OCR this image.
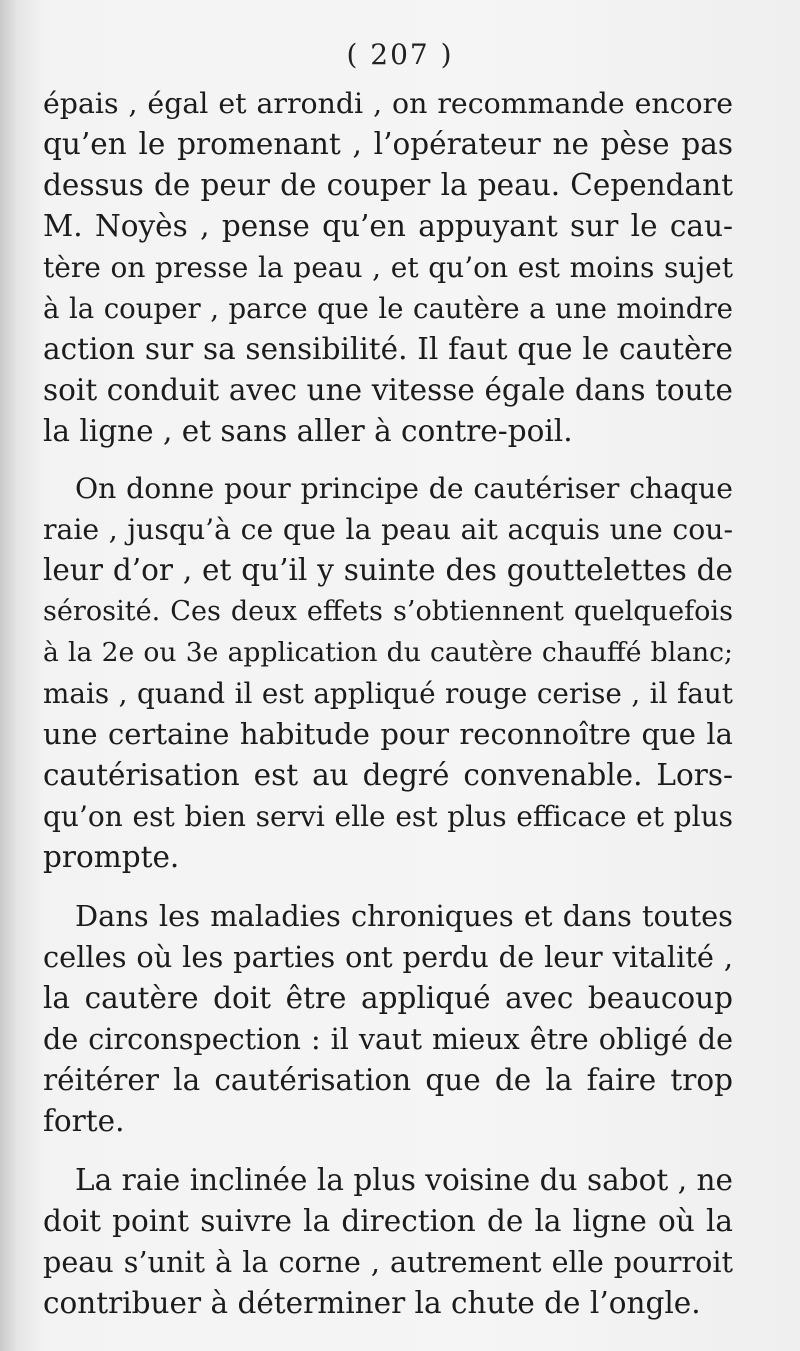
( 207 )
épais , égal et arrondi , on recommande encore
qu’en le promenant , l’opérateur ne pèse pas
dessus de peur de couper la peau. Cependant
M. Noyès , pense qu’en appuyant sur le cau-
tère on presse la peau , et qu’on est moins sujet
à la couper , parce que le cautère a une moindre
action sur sa sensibilité. Il faut que le cautère
soit conduit avec une vitesse égale dans toute
la ligne , et sans aller à contre-poil.
On donne pour principe de cautériser chaque
raie , jusqu’à ce que la peau ait acquis une cou-
leur d’or , et qu’il y suinte des gouttelettes de
sérosité. Ces deux effets s’obtiennent quelquefois
à la 2e ou 3e application du cautère chauffé blanc;
mais , quand il est appliqué rouge cerise , il faut
une certaine habitude pour reconnoître que la
cautérisation est au degré convenable. Lors-
qu’on est bien servi elle est plus efficace et plus
prompte.
Dans les maladies chroniques et dans toutes
celles où les parties ont perdu de leur vitalité ,
la cautère doit être appliqué avec beaucoup
de circonspection : il vaut mieux être obligé de
réitérer la cautérisation que de la faire trop
forte.
La raie inclinée la plus voisine du sabot , ne
doit point suivre la direction de la ligne où la
peau s’unit à la corne , autrement elle pourroit
contribuer à déterminer la chute de l’ongle.
